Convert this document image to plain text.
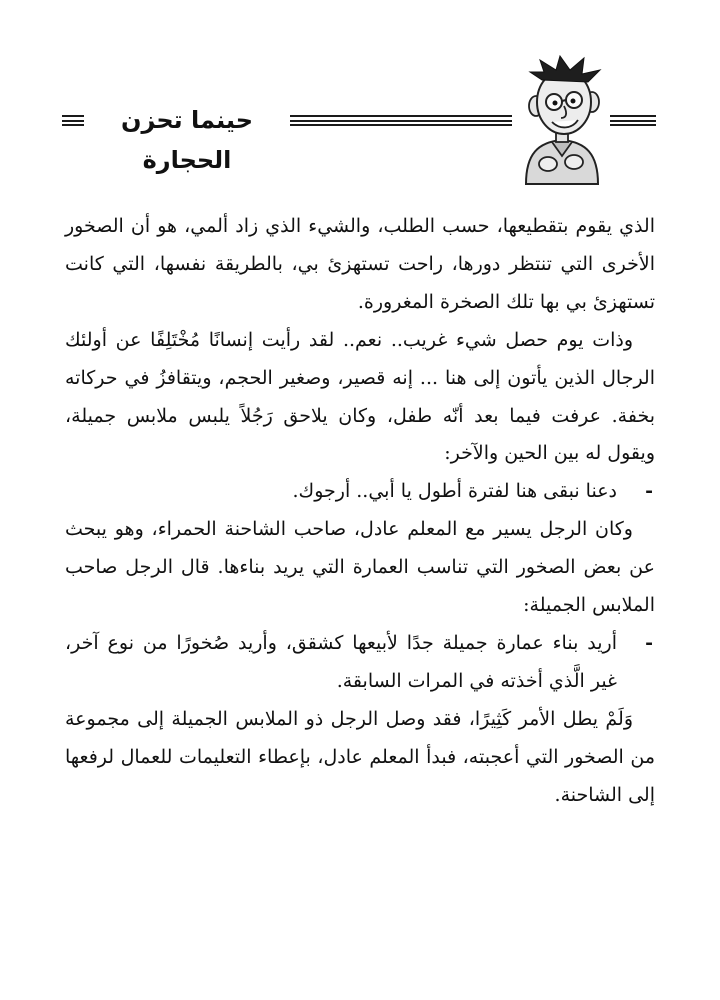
حينما تحزن الحجارة

الذي يقوم بتقطيعها، حسب الطلب، والشيء الذي زاد ألمي، هو أن الصخور الأخرى التي تنتظر دورها، راحت تستهزئ بي، بالطريقة نفسها، التي كانت تستهزئ بي بها تلك الصخرة المغرورة.

وذات يوم حصل شيء غريب.. نعم.. لقد رأيت إنسانًا مُخْتَلِفًا عن أولئك الرجال الذين يأتون إلى هنا ... إنه قصير، وصغير الحجم، ويتقافزُ في حركاته بخفة. عرفت فيما بعد أنّه طفل، وكان يلاحق رَجُلاً يلبس ملابس جميلة، ويقول له بين الحين والآخر:

-
دعنا نبقى هنا لفترة أطول يا أبي.. أرجوك.

وكان الرجل يسير مع المعلم عادل، صاحب الشاحنة الحمراء، وهو يبحث عن بعض الصخور التي تناسب العمارة التي يريد بناءها. قال الرجل صاحب الملابس الجميلة:

-
أريد بناء عمارة جميلة جدًا لأبيعها كشقق، وأريد صُخورًا من نوع آخر، غير الَّذي أخذته في المرات السابقة.

وَلَمْ يطل الأمر كَثِيرًا، فقد وصل الرجل ذو الملابس الجميلة إلى مجموعة من الصخور التي أعجبته، فبدأ المعلم عادل، بإعطاء التعليمات للعمال لرفعها إلى الشاحنة.
